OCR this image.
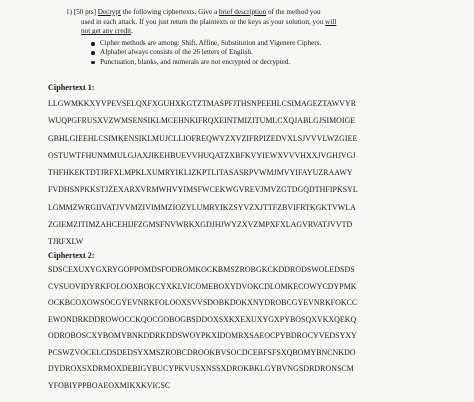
1) [50 pts] Decrypt the following ciphertexts. Give a brief description of the method you
used in each attack. If you just return the plaintexts or the keys as your solution, you will
not get any credit.
Cipher methods are among: Shift, Affine, Substitution and Vigenere Ciphers.
Alphabet always consists of the 26 letters of English.
Punctuation, blanks, and numerals are not encrypted or decrypted.
Ciphertext 1:
LLGWMKKXYVPEVSELQXFXGUHXKGTZTMASPFJTHSNPEEHLCSIMAGEZTAWVYR
WUQPGFRUSXVZWMSENSIKLMCEHNKIFRQXEINTMIZITUMLCXQJABLGJSIMOIGE
GBHLGIEEHLCSIMKENSIKLMUJCLLIOFREQWYZXVZIFRPIZEDVXLSJVVVLWZGIEE
OSTUWTFHUNMMULGJAXJIKEHBUEVVHUQATZXBFKVYIEWXVVVHXXJVGHJVGJ
THFHKEKTDTJRFXLMPKLXUMRYIKLIZKPTLITASASRPVWMJMVYIFAYUZRAAWY
FVDHSNPKKSTJZEXARXVRMWHVYIMSFWCEKWGVREVJMVZGTDGQDTHFIPKSYL
LGMMZWRGIIVATJVVMZIVIMMZIOZYLUMRYIKZSYVZXJTTFZBVIFRTKGKTVWLA
ZGIEMZITIMZAHCEHIJFZGMSFNVWRKXGDJHJWYZXVZMPXFXLAGVRVATJVVTD
TJRFXLW
Ciphertext 2:
SDSCEXUXYGXRYGOPPOMDSFODROMKOCKBMSZROBGKCKDDRODSWOLEDSDS
CVSUOVIDYRKFOLOOXBOKCYXKLVICOMEBOXYDVOKCDLOMKECOWYCDYPMK
OCKBCOXOWSOCGYEVNRKFOLOOXSVVSDOBKDOKXNYDROBCGYEVNRKFOKCC
EWONDRKDDROWOCCKQOCGOBOGBSDDOXSXKXEXUXYGXPYBOSQXVKXQEKQ
ODROBOSCXYBOMYBNKDDRKDDSWOYPKXIDOMRXSAEOCPYBDROCYVEDSYXY
PCSWZVOCELCDSDEDSYXMSZROBCDROOKBVSOCDCEBFSFSXQBOMYBNCNKDO
DYDROXSXDRMOXDEBIGYBUCYPKVUSXNSSXDROKBKLGYBVNGSDRDRONSCM
YFOBIYPPBOAEOXMIKXKVICSC
